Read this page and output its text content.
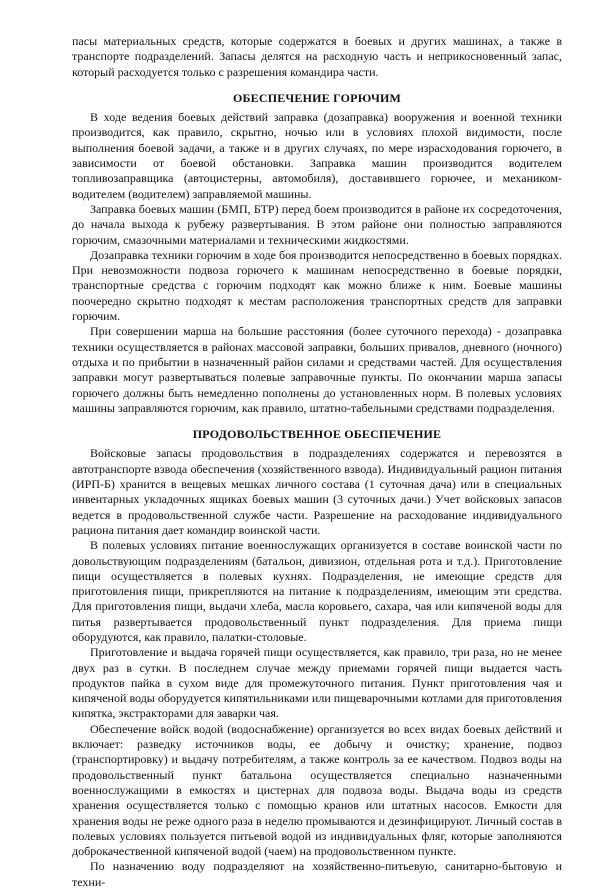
пасы материальных средств, которые содержатся в боевых и других машинах, а также в транспорте подразделений. Запасы делятся на расходную часть и неприкосновенный запас, который расходуется только с разрешения командира части.

ОБЕСПЕЧЕНИЕ ГОРЮЧИМ

В ходе ведения боевых действий заправка (дозаправка) вооружения и военной техники производится, как правило, скрытно, ночью или в условиях плохой видимости, после выполнения боевой задачи, а также и в других случаях, по мере израсходования горючего, в зависимости от боевой обстановки. Заправка машин производится водителем топливозаправщика (автоцистерны, автомобиля), доставившего горючее, и механиком-водителем (водителем) заправляемой машины.

Заправка боевых машин (БМП, БТР) перед боем производится в районе их сосредоточения, до начала выхода к рубежу развертывания. В этом районе они полностью заправляются горючим, смазочными материалами и техническими жидкостями.

Дозаправка техники горючим в ходе боя производится непосредственно в боевых порядках. При невозможности подвоза горючего к машинам непосредственно в боевые порядки, транспортные средства с горючим подходят как можно ближе к ним. Боевые машины поочередно скрытно подходят к местам расположения транспортных средств для заправки горючим.

При совершении марша на большие расстояния (более суточного перехода) - дозаправка техники осуществляется в районах массовой заправки, больших привалов, дневного (ночного) отдыха и по прибытии в назначенный район силами и средствами частей. Для осуществления заправки могут развертываться полевые заправочные пункты. По окончании марша запасы горючего должны быть немедленно пополнены до установленных норм. В полевых условиях машины заправляются горючим, как правило, штатно-табельными средствами подразделения.

ПРОДОВОЛЬСТВЕННОЕ ОБЕСПЕЧЕНИЕ

Войсковые запасы продовольствия в подразделениях содержатся и перевозятся в автотранспорте взвода обеспечения (хозяйственного взвода). Индивидуальный рацион питания (ИРП-Б) хранится в вещевых мешках личного состава (1 суточная дача) или в специальных инвентарных укладочных ящиках боевых машин (3 суточных дачи.) Учет войсковых запасов ведется в продовольственной службе части. Разрешение на расходование индивидуального рациона питания дает командир воинской части.

В полевых условиях питание военнослужащих организуется в составе воинской части по довольствующим подразделениям (батальон, дивизион, отдельная рота и т.д.). Приготовление пищи осуществляется в полевых кухнях. Подразделения, не имеющие средств для приготовления пищи, прикрепляются на питание к подразделениям, имеющим эти средства. Для приготовления пищи, выдачи хлеба, масла коровьего, сахара, чая или кипяченой воды для питья развертывается продовольственный пункт подразделения. Для приема пищи оборудуются, как правило, палатки-столовые.

Приготовление и выдача горячей пищи осуществляется, как правило, три раза, но не менее двух раз в сутки. В последнем случае между приемами горячей пищи выдается часть продуктов пайка в сухом виде для промежуточного питания. Пункт приготовления чая и кипяченой воды оборудуется кипятильниками или пищеварочными котлами для приготовления кипятка, экстракторами для заварки чая.

Обеспечение войск водой (водоснабжение) организуется во всех видах боевых действий и включает: разведку источников воды, ее добычу и очистку; хранение, подвоз (транспортировку) и выдачу потребителям, а также контроль за ее качеством. Подвоз воды на продовольственный пункт батальона осуществляется специально назначенными военнослужащими в емкостях и цистернах для подвоза воды. Выдача воды из средств хранения осуществляется только с помощью кранов или штатных насосов. Емкости для хранения воды не реже одного раза в неделю промываются и дезинфицируют. Личный состав в полевых условиях пользуется питьевой водой из индивидуальных фляг, которые заполняются доброкачественной кипяченой водой (чаем) на продовольственном пункте.

По назначению воду подразделяют на хозяйственно-питьевую, санитарно-бытовую и техни-
